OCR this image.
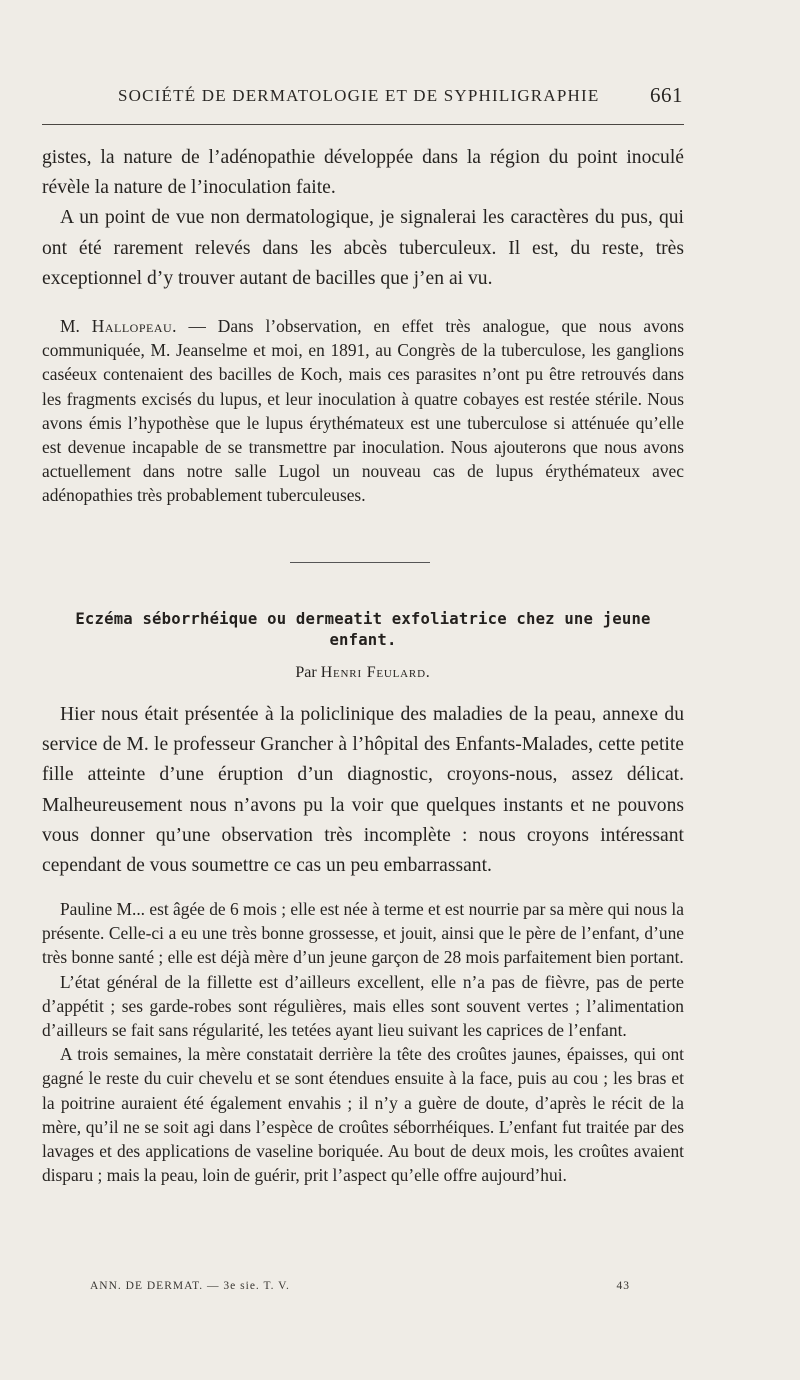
SOCIÉTÉ DE DERMATOLOGIE ET DE SYPHILIGRAPHIE 661

gistes, la nature de l’adénopathie développée dans la région du point inoculé révèle la nature de l’inoculation faite.

A un point de vue non dermatologique, je signalerai les caractères du pus, qui ont été rarement relevés dans les abcès tuberculeux. Il est, du reste, très exceptionnel d’y trouver autant de bacilles que j’en ai vu.

M. Hallopeau. — Dans l’observation, en effet très analogue, que nous avons communiquée, M. Jeanselme et moi, en 1891, au Congrès de la tuberculose, les ganglions caséeux contenaient des bacilles de Koch, mais ces parasites n’ont pu être retrouvés dans les fragments excisés du lupus, et leur inoculation à quatre cobayes est restée stérile. Nous avons émis l’hypothèse que le lupus érythémateux est une tuberculose si atténuée qu’elle est devenue incapable de se transmettre par inoculation. Nous ajouterons que nous avons actuellement dans notre salle Lugol un nouveau cas de lupus érythémateux avec adénopathies très probablement tuberculeuses.

Eczéma séborrhéique ou dermeatit exfoliatrice chez une jeune enfant.
Par Henri Feulard.

Hier nous était présentée à la policlinique des maladies de la peau, annexe du service de M. le professeur Grancher à l’hôpital des Enfants-Malades, cette petite fille atteinte d’une éruption d’un diagnostic, croyons-nous, assez délicat. Malheureusement nous n’avons pu la voir que quelques instants et ne pouvons vous donner qu’une observation très incomplète : nous croyons intéressant cependant de vous soumettre ce cas un peu embarrassant.

Pauline M... est âgée de 6 mois ; elle est née à terme et est nourrie par sa mère qui nous la présente. Celle-ci a eu une très bonne grossesse, et jouit, ainsi que le père de l’enfant, d’une très bonne santé ; elle est déjà mère d’un jeune garçon de 28 mois parfaitement bien portant.

L’état général de la fillette est d’ailleurs excellent, elle n’a pas de fièvre, pas de perte d’appétit ; ses garde-robes sont régulières, mais elles sont souvent vertes ; l’alimentation d’ailleurs se fait sans régularité, les tetées ayant lieu suivant les caprices de l’enfant.

A trois semaines, la mère constatait derrière la tête des croûtes jaunes, épaisses, qui ont gagné le reste du cuir chevelu et se sont étendues ensuite à la face, puis au cou ; les bras et la poitrine auraient été également envahis ; il n’y a guère de doute, d’après le récit de la mère, qu’il ne se soit agi dans l’espèce de croûtes séborrhéiques. L’enfant fut traitée par des lavages et des applications de vaseline boriquée. Au bout de deux mois, les croûtes avaient disparu ; mais la peau, loin de guérir, prit l’aspect qu’elle offre aujourd’hui.

ANN. DE DERMAT. — 3e sie. T. V.	43
